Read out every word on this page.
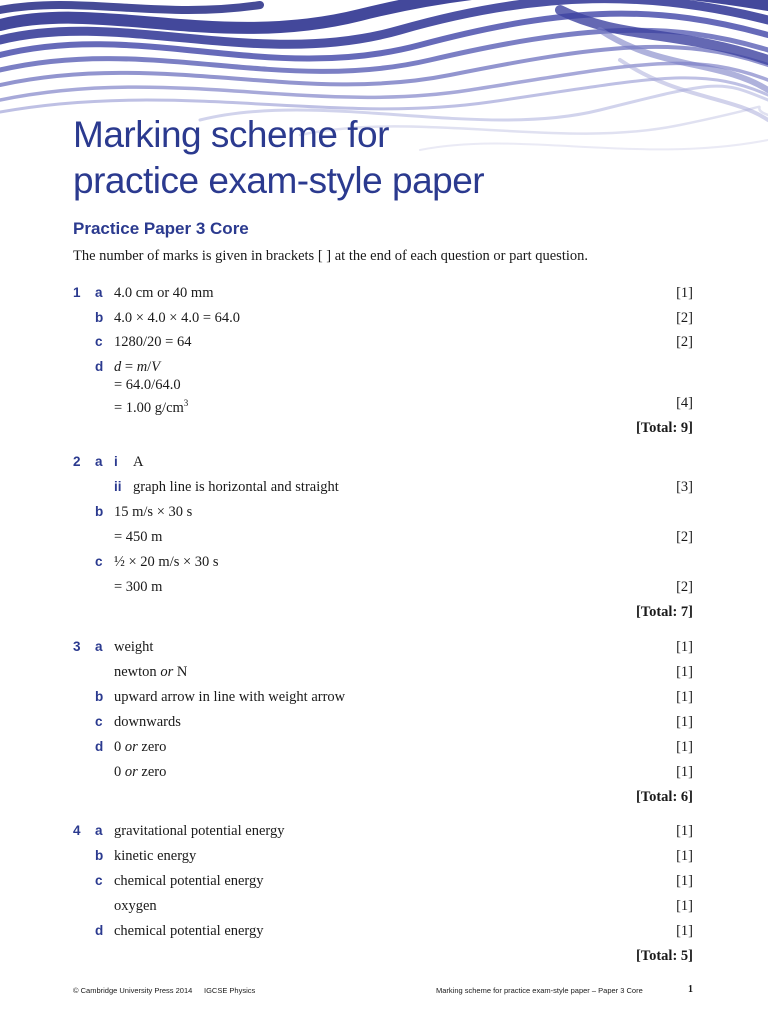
Marking scheme for
practice exam-style paper
Practice Paper 3 Core
The number of marks is given in brackets [ ] at the end of each question or part question.
1 a 4.0 cm or 40 mm	[1]
b 4.0 × 4.0 × 4.0 = 64.0	[2]
c 1280/20 = 64	[2]
d d = m/V
= 64.0/64.0
= 1.00 $g/cm^3$	[4]
[Total: 9]
2 a i A
ii graph line is horizontal and straight	[3]
b 15 m/s × 30 s
= 450 m	[2]
c ½ × 20 m/s × 30 s
= 300 m	[2]
[Total: 7]
3 a weight	[1]
newton or N	[1]
b upward arrow in line with weight arrow	[1]
c downwards	[1]
d 0 or zero	[1]
0 or zero	[1]
[Total: 6]
4 a gravitational potential energy	[1]
b kinetic energy	[1]
c chemical potential energy	[1]
oxygen	[1]
d chemical potential energy	[1]
[Total: 5]
© Cambridge University Press 2014 IGCSE Physics	Marking scheme for practice exam-style paper – Paper 3 Core	1
